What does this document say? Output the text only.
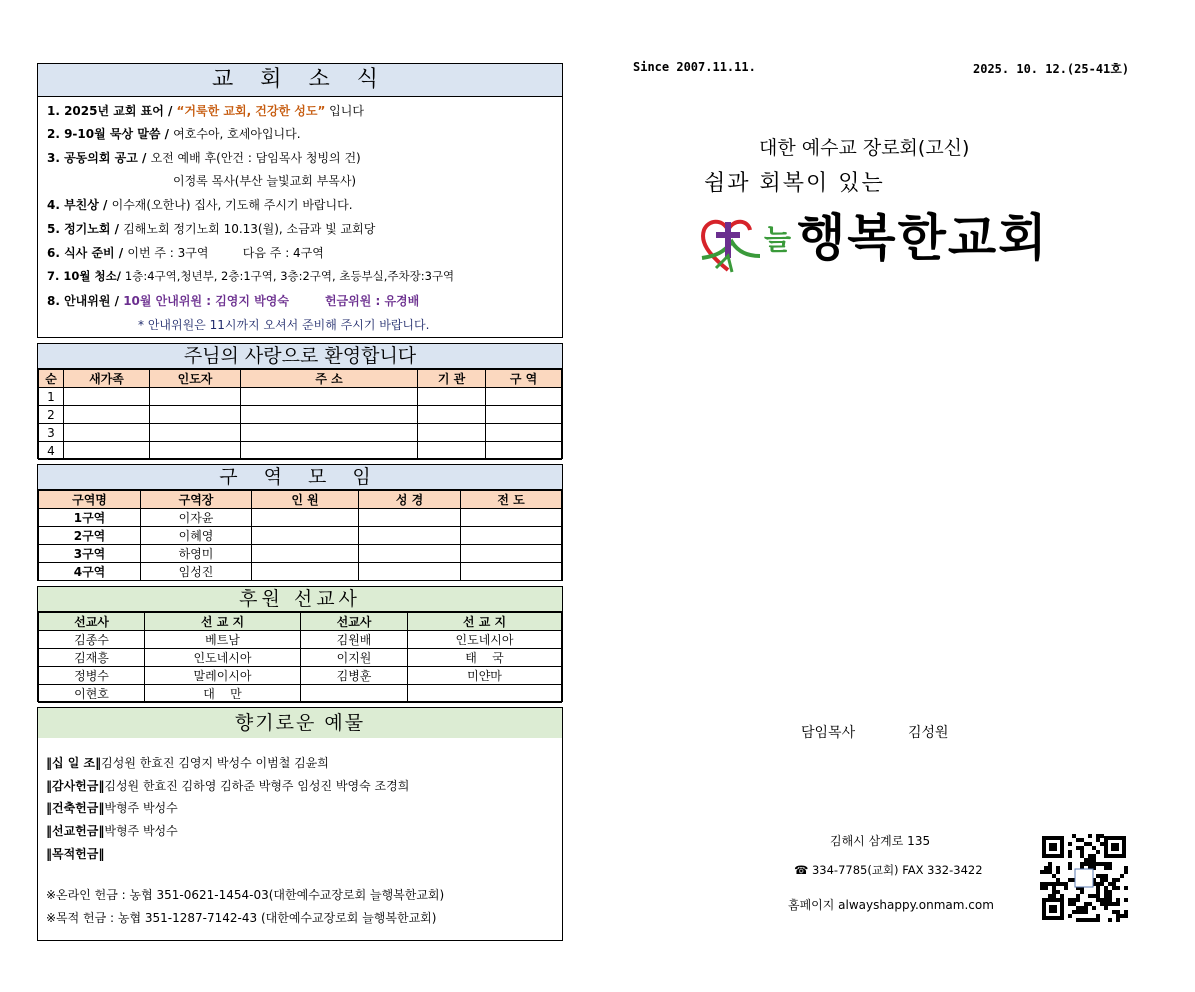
교 회 소 식
1. 2025년 교회 표어 / “거룩한 교회, 건강한 성도” 입니다
2. 9-10월 묵상 말씀 / 여호수아, 호세아입니다.
3. 공동의회 공고 / 오전 예배 후(안건 : 담임목사 청빙의 건)
이정록 목사(부산 늘빛교회 부목사)
4. 부친상 / 이수재(오한나) 집사, 기도해 주시기 바랍니다.
5. 정기노회 / 김해노회 정기노회 10.13(월), 소금과 빛 교회당
6. 식사 준비 / 이번 주 : 3구역         다음 주 : 4구역
7. 10월 청소/ 1층:4구역,청년부, 2층:1구역, 3층:2구역, 초등부실,주차장:3구역
8. 안내위원 / 10월 안내위원 : 김영지 박영숙	헌금위원 : 유경배
* 안내위원은 11시까지 오셔서 준비해 주시기 바랍니다.
주님의 사랑으로 환영합니다
순	새가족	인도자	주 소	기 관	구 역
1					
2					
3					
4					
구 역 모 임
구역명	구역장	인 원	성 경	전 도
1구역	이자윤			
2구역	이혜영			
3구역	하영미			
4구역	임성진			
후원 선교사
선교사	선 교 지	선교사	선 교 지
김종수	베트남	김원배	인도네시아
김재흥	인도네시아	이지원	태    국
정병수	말레이시아	김병훈	미얀마
이현호	대    만		
향기로운 예물
‖십 일 조‖김성원 한효진 김영지 박성수 이범철 김윤희
‖감사헌금‖김성원 한효진 김하영 김하준 박형주 임성진 박영숙 조경희
‖건축헌금‖박형주 박성수
‖선교헌금‖박형주 박성수
‖목적헌금‖
※온라인 헌금 : 농협 351-0621-1454-03(대한예수교장로회 늘행복한교회)
※목적 헌금 : 농협 351-1287-7142-43 (대한예수교장로회 늘행복한교회)
Since 2007.11.11.	2025. 10. 12.(25-41호)
대한 예수교 장로회(고신)
쉼과 회복이 있는
늘 행복한교회
담임목사	김성원
김해시 삼계로 135
☎ 334-7785(교회) FAX 332-3422
홈페이지 alwayshappy.onmam.com
